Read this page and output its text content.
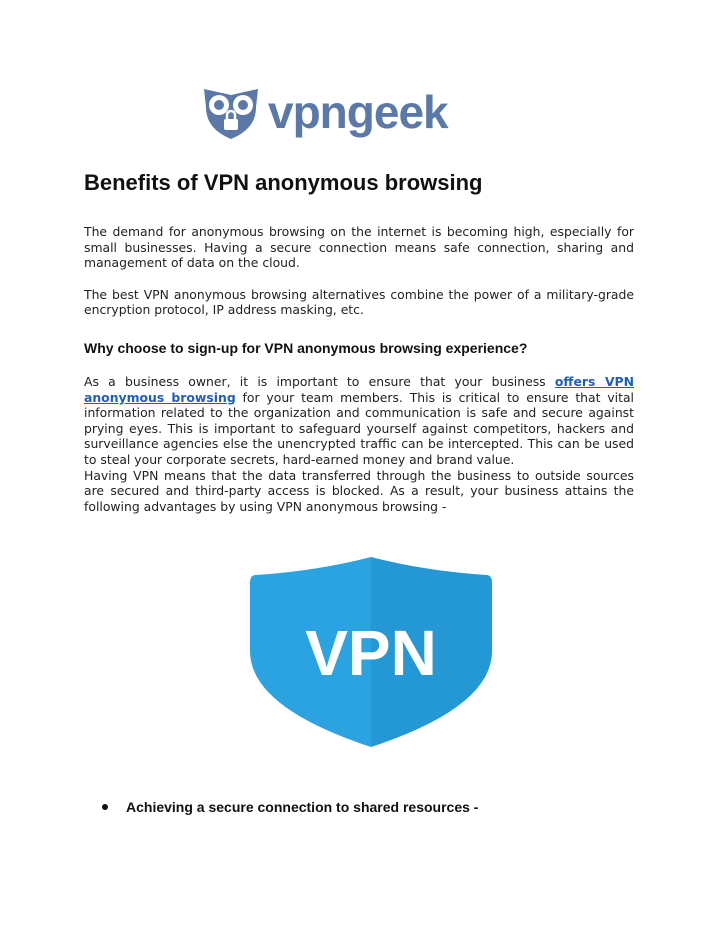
vpngeek
Benefits of VPN anonymous browsing

The demand for anonymous browsing on the internet is becoming high, especially for small businesses. Having a secure connection means safe connection, sharing and management of data on the cloud.

The best VPN anonymous browsing alternatives combine the power of a military-grade encryption protocol, IP address masking, etc.

Why choose to sign-up for VPN anonymous browsing experience?

As a business owner, it is important to ensure that your business offers VPN anonymous browsing for your team members. This is critical to ensure that vital information related to the organization and communication is safe and secure against prying eyes. This is important to safeguard yourself against competitors, hackers and surveillance agencies else the unencrypted traffic can be intercepted. This can be used to steal your corporate secrets, hard-earned money and brand value.

Having VPN means that the data transferred through the business to outside sources are secured and third-party access is blocked. As a result, your business attains the following advantages by using VPN anonymous browsing -

VPN
Achieving a secure connection to shared resources -
